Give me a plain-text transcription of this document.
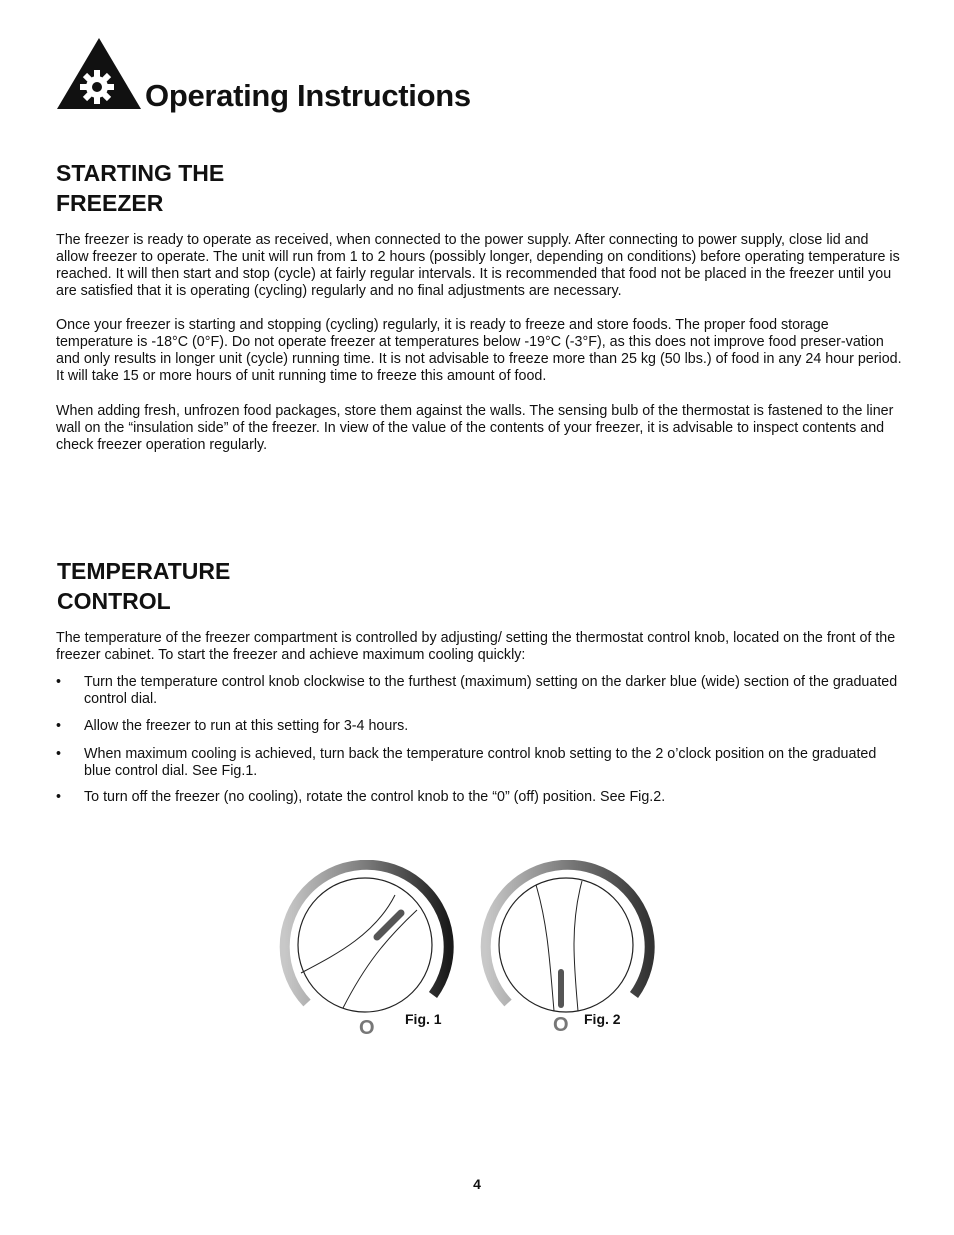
Operating Instructions
STARTING THE
FREEZER

The freezer is ready to operate as received, when connected to the power supply. After connecting to power supply, close lid and allow freezer to operate. The unit will run from 1 to 2 hours (possibly longer, depending on conditions) before operating temperature is reached. It will then start and stop (cycle) at fairly regular intervals. It is recommended that food not be placed in the freezer until you are satisfied that it is operating (cycling) regularly and no final adjustments are necessary.

Once your freezer is starting and stopping (cycling) regularly, it is ready to freeze and store foods. The proper food storage temperature is -18°C (0°F). Do not operate freezer at temperatures below -19°C (-3°F), as this does not improve food preser-vation and only results in longer unit (cycle) running time. It is not advisable to freeze more than 25 kg (50 lbs.) of food in any 24 hour period. It will take 15 or more hours of unit running time to freeze this amount of food.

When adding fresh, unfrozen food packages, store them against the walls. The sensing bulb of the thermostat is fastened to the liner wall on the “insulation side” of the freezer. In view of the value of the contents of your freezer, it is advisable to inspect contents and check freezer operation regularly.

TEMPERATURE
CONTROL

The temperature of the freezer compartment is controlled by adjusting/ setting the thermostat control knob, located on the front of the freezer cabinet. To start the freezer and achieve maximum cooling quickly:

• Turn the temperature control knob clockwise to the furthest (maximum) setting on the darker blue (wide) section of the graduated control dial.
• Allow the freezer to run at this setting for 3-4 hours.
• When maximum cooling is achieved, turn back the temperature control knob setting to the 2 o’clock position on the graduated blue control dial. See Fig.1.
• To turn off the freezer (no cooling), rotate the control knob to the “0” (off) position. See Fig.2.
O Fig. 1	O Fig. 2
4
